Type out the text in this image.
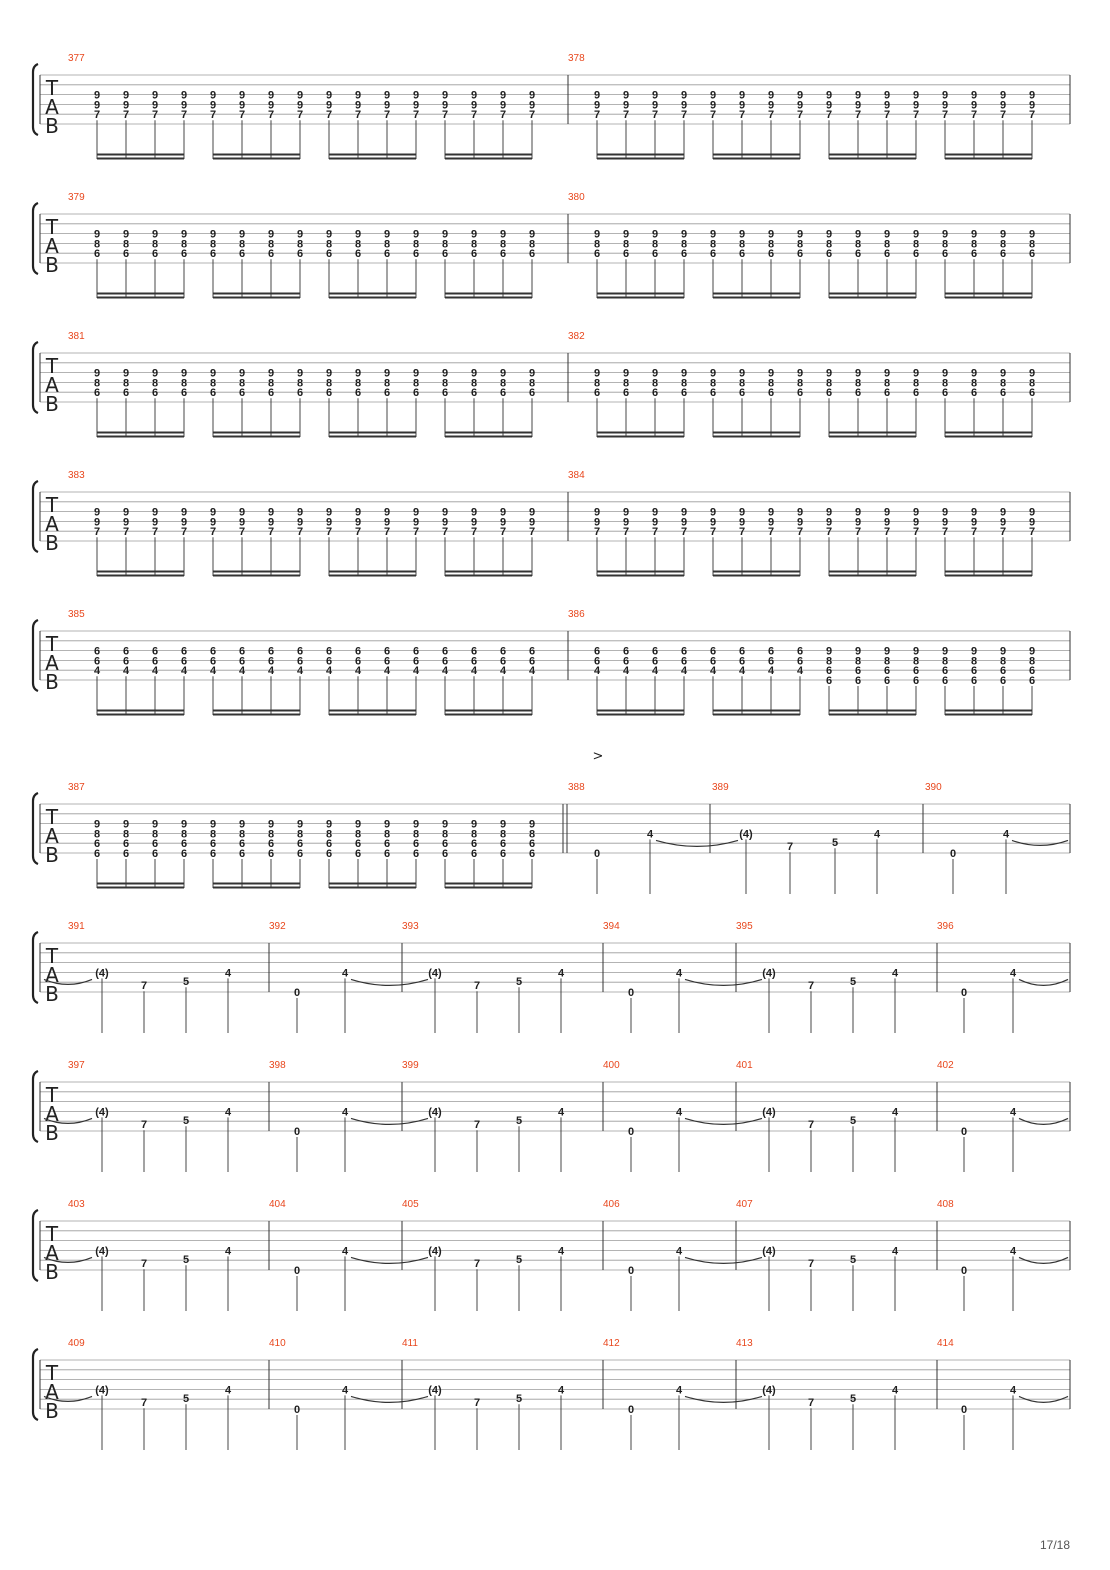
T
A
B
377	378
9
9
7
9
9
7
9
9
7
9
9
7
9
9
7
9
9
7
9
9
7
9
9
7
9
9
7
9
9
7
9
9
7
9
9
7
9
9
7
9
9
7
9
9
7
9
9
7
9
9
7
9
9
7
9
9
7
9
9
7
9
9
7
9
9
7
9
9
7
9
9
7
9
9
7
9
9
7
9
9
7
9
9
7
9
9
7
9
9
7
9
9
7
9
9
7
T
A
B
379	380
9
8
6
9
8
6
9
8
6
9
8
6
9
8
6
9
8
6
9
8
6
9
8
6
9
8
6
9
8
6
9
8
6
9
8
6
9
8
6
9
8
6
9
8
6
9
8
6
9
8
6
9
8
6
9
8
6
9
8
6
9
8
6
9
8
6
9
8
6
9
8
6
9
8
6
9
8
6
9
8
6
9
8
6
9
8
6
9
8
6
9
8
6
9
8
6
T
A
B
381	382
9
8
6
9
8
6
9
8
6
9
8
6
9
8
6
9
8
6
9
8
6
9
8
6
9
8
6
9
8
6
9
8
6
9
8
6
9
8
6
9
8
6
9
8
6
9
8
6
9
8
6
9
8
6
9
8
6
9
8
6
9
8
6
9
8
6
9
8
6
9
8
6
9
8
6
9
8
6
9
8
6
9
8
6
9
8
6
9
8
6
9
8
6
9
8
6
T
A
B
383	384
9
9
7
9
9
7
9
9
7
9
9
7
9
9
7
9
9
7
9
9
7
9
9
7
9
9
7
9
9
7
9
9
7
9
9
7
9
9
7
9
9
7
9
9
7
9
9
7
9
9
7
9
9
7
9
9
7
9
9
7
9
9
7
9
9
7
9
9
7
9
9
7
9
9
7
9
9
7
9
9
7
9
9
7
9
9
7
9
9
7
9
9
7
9
9
7
T
A
B
385	386
6
6
4
6
6
4
6
6
4
6
6
4
6
6
4
6
6
4
6
6
4
6
6
4
6
6
4
6
6
4
6
6
4
6
6
4
6
6
4
6
6
4
6
6
4
6
6
4
6
6
4
6
6
4
6
6
4
6
6
4
6
6
4
6
6
4
6
6
4
6
6
4
9
8
6
6
9
8
6
6
9
8
6
6
9
8
6
6
9
8
6
6
9
8
6
6
9
8
6
6
9
8
6
6
T
A
B
387
9
8
6
6
9
8
6
6
9
8
6
6
9
8
6
6
9
8
6
6
9
8
6
6
9
8
6
6
9
8
6
6
9
8
6
6
9
8
6
6
9
8
6
6
9
8
6
6
9
8
6
6
9
8
6
6
9
8
6
6
9
8
6
6
388	389	390
>
0
4	(4)
7	5
4
0
4
T
A
B
391	392	393	394	395	396
(4)
7	5
4	(4)
7	5
4	(4)
7	5
4
0
4
0
4
0
4
T
A
B
397	398	399	400	401	402
(4)
7	5
4	(4)
7	5
4	(4)
7	5
4
0
4
0
4
0
4
T
A
B
403	404	405	406	407	408
(4)
7	5
4	(4)
7	5
4	(4)
7	5
4
0
4
0
4
0
4
T
A
B
409	410	411	412	413	414
(4)
7	5
4	(4)
7	5
4	(4)
7	5
4
0
4
0
4
0
4
17/18
